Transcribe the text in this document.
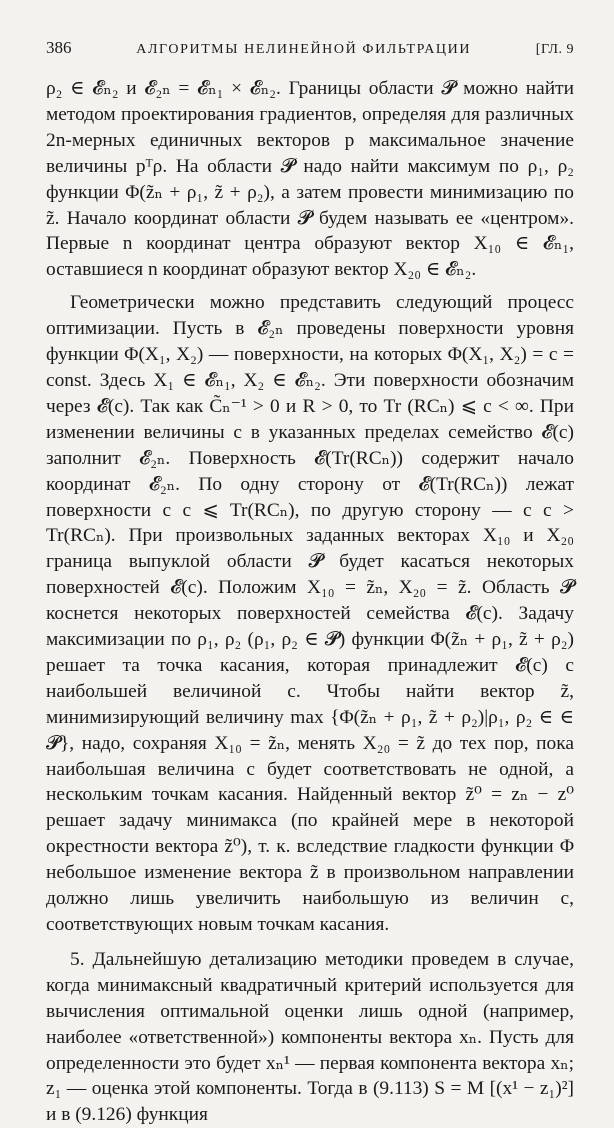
386	АЛГОРИТМЫ НЕЛИНЕЙНОЙ ФИЛЬТРАЦИИ	[ГЛ. 9

ρ₂ ∈ 𝓔ₙ₂ и 𝓔₂ₙ = 𝓔ₙ₁ × 𝓔ₙ₂. Границы области 𝓟 можно найти методом проектирования градиентов, определяя для различных 2n-мерных единичных векторов p максимальное значение величины pᵀρ. На области 𝓟 надо найти максимум по ρ₁, ρ₂ функции Φ(z̃ₙ + ρ₁, z̃ + ρ₂), а затем провести минимизацию по z̃. Начало координат области 𝓟 будем называть ее «центром». Первые n координат центра образуют вектор X₁₀ ∈ 𝓔ₙ₁, оставшиеся n координат образуют вектор X₂₀ ∈ 𝓔ₙ₂.

Геометрически можно представить следующий процесс оптимизации. Пусть в 𝓔₂ₙ проведены поверхности уровня функции Φ(X₁, X₂) — поверхности, на которых Φ(X₁, X₂) = c = const. Здесь X₁ ∈ 𝓔ₙ₁, X₂ ∈ 𝓔ₙ₂. Эти поверхности обозначим через 𝓔(c). Так как C̃ₙ⁻¹ > 0 и R > 0, то Tr (RCₙ) ⩽ c < ∞. При изменении величины c в указанных пределах семейство 𝓔(c) заполнит 𝓔₂ₙ. Поверхность 𝓔(Tr(RCₙ)) содержит начало координат 𝓔₂ₙ. По одну сторону от 𝓔(Tr(RCₙ)) лежат поверхности с c ⩽ Tr(RCₙ), по другую сторону — с c > Tr(RCₙ). При произвольных заданных векторах X₁₀ и X₂₀ граница выпуклой области 𝓟 будет касаться некоторых поверхностей 𝓔(c). Положим X₁₀ = z̃ₙ, X₂₀ = z̃. Область 𝓟 коснется некоторых поверхностей семейства 𝓔(c). Задачу максимизации по ρ₁, ρ₂ (ρ₁, ρ₂ ∈ 𝓟) функции Φ(z̃ₙ + ρ₁, z̃ + ρ₂) решает та точка касания, которая принадлежит 𝓔(c) с наибольшей величиной c. Чтобы найти вектор z̃, минимизирующий величину max {Φ(z̃ₙ + ρ₁, z̃ + ρ₂)|ρ₁, ρ₂ ∈ ∈ 𝓟}, надо, сохраняя X₁₀ = z̃ₙ, менять X₂₀ = z̃ до тех пор, пока наибольшая величина c будет соответствовать не одной, а нескольким точкам касания. Найденный вектор z̃⁰ = zₙ − z⁰ решает задачу минимакса (по крайней мере в некоторой окрестности вектора z̃⁰), т. к. вследствие гладкости функции Φ небольшое изменение вектора z̃ в произвольном направлении должно лишь увеличить наибольшую из величин c, соответствующих новым точкам касания.

5. Дальнейшую детализацию методики проведем в случае, когда минимаксный квадратичный критерий используется для вычисления оптимальной оценки лишь одной (например, наиболее «ответственной») компоненты вектора xₙ. Пусть для определенности это будет xₙ¹ — первая компонента вектора xₙ; z₁ — оценка этой компоненты. Тогда в (9.113) S = M [(x¹ − z₁)²] и в (9.126) функция
